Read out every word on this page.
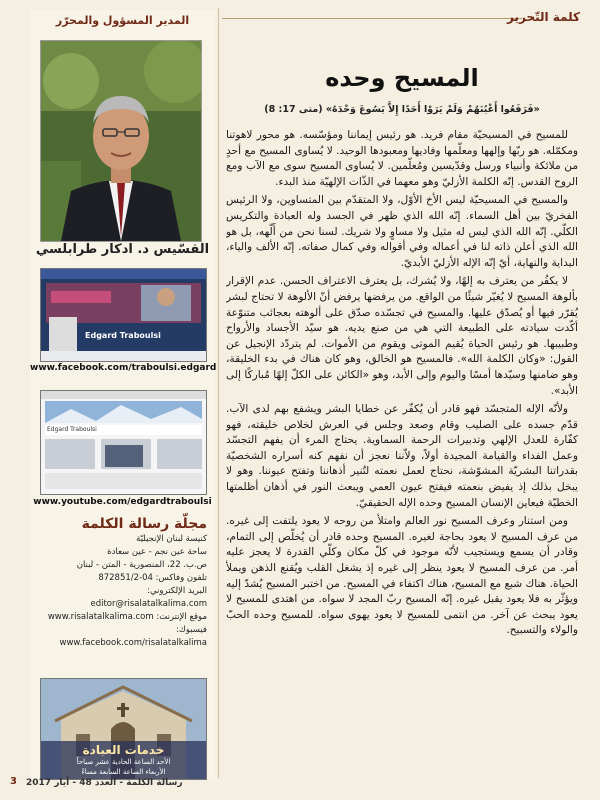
المدير المسؤول والمحرّر
القسّيس د. ادكار طرابلسي
Edgard Traboulsi
www.facebook.com/traboulsi.edgard
Edgard Traboulsi
www.youtube.com/edgardtraboulsi
مجلّة رسالة الكلمة
كنيسة لبنان الإنجيليّة
ساحة عين نجم - عين سعادة
ص.ب. 22، المنصورية - المتن - لبنان
تلفون وفاكس: 04-872851/2
البريد الإلكتروني: editor@risalatalkalima.com
موقع الإنترنت: www.risalatalkalima.com
فيسبوك: www.facebook.com/risalatalkalima
خدمات العبادة
الأحد الساعة الحادية عشر صباحاً
الأربعاء الساعة السابعة مساءً
كلمة التّحرير
المسيح وحده
«فَرَفَعُوا أَعْيُنَهُمْ وَلَمْ يَرَوْا أَحَدًا إِلاَّ يَسُوعَ وَحْدَهُ» (متى 17: 8)

للمسيح في المسيحيّة مقام فريد. هو رئيس إيماننا ومؤسّسه. هو محور لاهوتنا ومكمّله. هو ربّها وإلهها ومعلّمها وفاديها ومعبودها الوحيد. لا يُساوى المسيح مع أحدٍ من ملائكة وأنبياء ورسل وقدّيسين ومُعلّمين. لا يُساوى المسيح سوى مع الآب ومع الروح القدس. إنّه الكلمة الأزليّ وهو معهما في الذّات الإلهيّة منذ البدء.

والمسيح في المسيحيّة ليس الأخ الأوّل، ولا المتقدّم بين المتساوين، ولا الرئيس الفخريّ بين أهل السماء. إنّه الله الذي ظهر في الجسد وله العبادة والتكريس الكلّي. إنّه الله الذي ليس له مثيل ولا مساوٍ ولا شريك. لسنا نحن من أَلّهه، بل هو الله الذي أعلن ذاته لنا في أعماله وفي أقواله وفي كمال صفاته. إنّه الألف والياء، البداية والنهاية، أيّ إنّه الإله الأزليّ الأبديّ.

لا يكفُر من يعترف به إلهًا، ولا يُشرك، بل يعترف الاعتراف الحسن. عدم الإقرار بألوهة المسيح لا يُغيّر شيئًا من الواقع. من يرفضها يرفض أنّ الألوهة لا تحتاج لبشر يُقرّر فيها أو يُصدّق عليها. والمسيح في تجسّده صدّق على ألوهته بعجائب متنوّعة أكّدت سيادته على الطبيعة التي هي من صنع يديه. هو سيّد الأجساد والأرواح وطبيبها. هو رئيس الحياة يُقيم الموتى ويقوم من الأموات. لم يتردّد الإنجيل عن القول: «وكان الكلمة الله». فالمسيح هو الخالق، وهو كان هناك في بدء الخليقة، وهو ضامنها وسيّدها أمسًا واليوم وإلى الأبد، وهو «الكائن على الكلّ إلهًا مُباركًا إلى الأبد».

ولأنّه الإله المتجسّد فهو قادر أن يُكفّر عن خطايا البشر ويشفع بهم لدى الآب. قدّم جسده على الصليب وقام وصعد وجلس في العرش لخلاص خليقته، فهو كفّارة للعدل الإلهي وتدبيرات الرحمة السماوية. يحتاج المرء أن يفهم التجسّد وعمل الفداء والقيامة المجيدة أولاً، ولاّننا نعجز أن نفهم كنه أسراره الشخصيّة بقدراتنا البشريّة المشوّشة، نحتاج لعمل نعمته لتُنير أذهاننا وتفتح عيوننا. وهو لا يبخل بذلك إذ يفيض بنعمته فيفتح عيون العمي ويبعث النور في أذهان أظلمتها الخطيّة فيعاين الإنسان المسيح وحده الإله الحقيقيّ.

ومن استنار وعرف المسيح نور العالم وامتلأ من روحه لا يعود يلتفت إلى غيره. من عرف المسيح لا يعود بحاجة لغيره. المسيح وحده قادر أن يُخلّص إلى التمام، وقادر أن يسمع ويستجيب لأنّه موجود في كلّ مكان وكلّي القدرة لا يعجز عليه أمر. من عرف المسيح لا يعود ينظر إلى غيره إذ يشغل القلب ويُقنع الذهن ويملأ الحياة. هناك شبع مع المسيح، هناك اكتفاء في المسيح. من اختبر المسيح يُشدّ إليه ويؤثّر به فلا يعود يقبل غيره. إنّه المسيح ربّ المجد لا سواه. من اهتدى للمسيح لا يعود يبحث عن آخر. من انتمى للمسيح لا يعود يهوى سواه. للمسيح وحده الحبّ والولاء والتسبيح.

3 رسالة الكلمة - العدد 48 - أيار 2017
